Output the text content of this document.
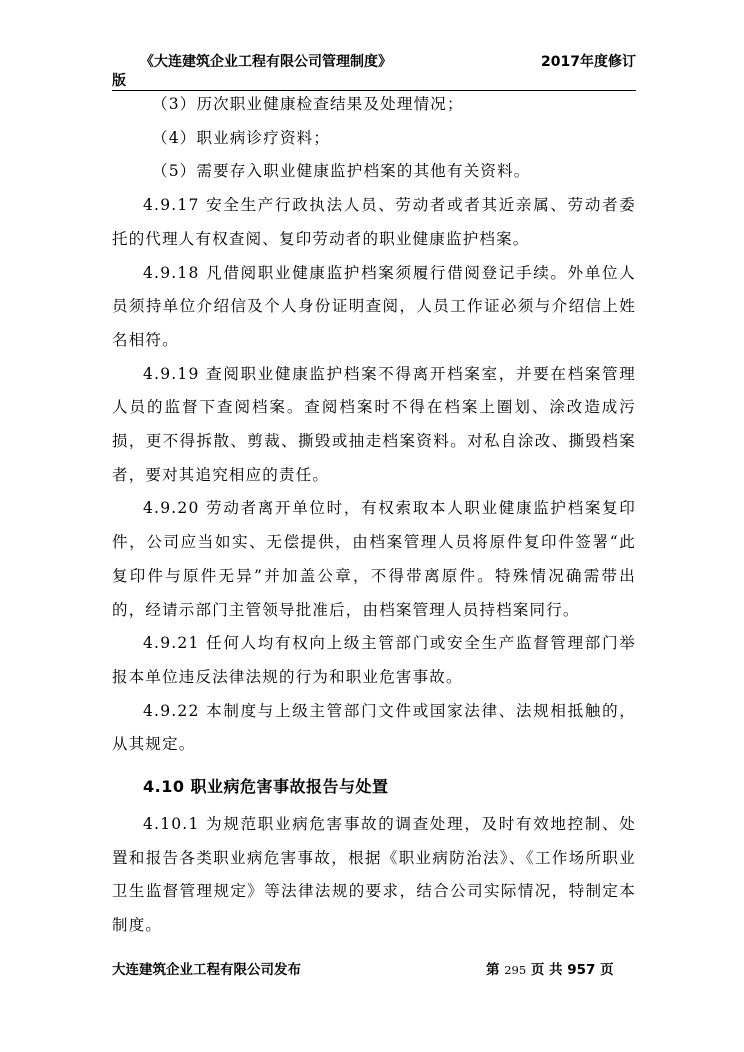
《大连建筑企业工程有限公司管理制度》	2017年度修订
版

（3）历次职业健康检查结果及处理情况；

（4）职业病诊疗资料；

（5）需要存入职业健康监护档案的其他有关资料。

4.9.17 安全生产行政执法人员、劳动者或者其近亲属、劳动者委托的代理人有权查阅、复印劳动者的职业健康监护档案。

4.9.18 凡借阅职业健康监护档案须履行借阅登记手续。外单位人员须持单位介绍信及个人身份证明查阅，人员工作证必须与介绍信上姓名相符。

4.9.19 查阅职业健康监护档案不得离开档案室，并要在档案管理人员的监督下查阅档案。查阅档案时不得在档案上圈划、涂改造成污损，更不得拆散、剪裁、撕毁或抽走档案资料。对私自涂改、撕毁档案者，要对其追究相应的责任。

4.9.20 劳动者离开单位时，有权索取本人职业健康监护档案复印件，公司应当如实、无偿提供，由档案管理人员将原件复印件签署“此复印件与原件无异”并加盖公章，不得带离原件。特殊情况确需带出的，经请示部门主管领导批准后，由档案管理人员持档案同行。

4.9.21 任何人均有权向上级主管部门或安全生产监督管理部门举报本单位违反法律法规的行为和职业危害事故。

4.9.22 本制度与上级主管部门文件或国家法律、法规相抵触的，从其规定。

4.10 职业病危害事故报告与处置

4.10.1 为规范职业病危害事故的调查处理，及时有效地控制、处置和报告各类职业病危害事故，根据《职业病防治法》、《工作场所职业卫生监督管理规定》等法律法规的要求，结合公司实际情况，特制定本制度。

大连建筑企业工程有限公司发布	第 295 页 共 957 页
